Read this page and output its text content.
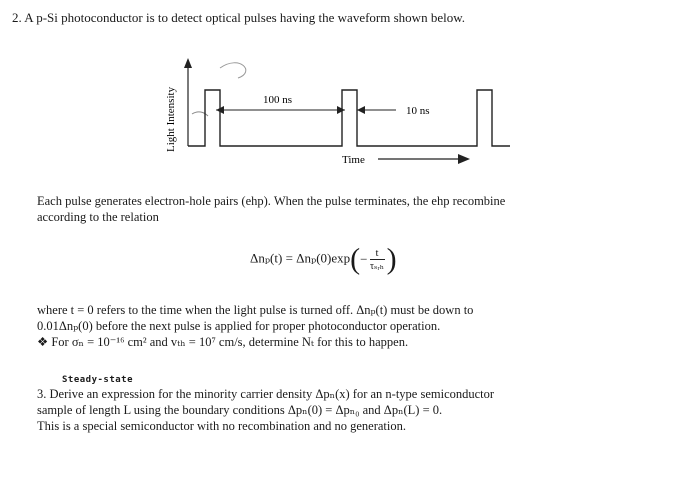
2. A p-Si photoconductor is to detect optical pulses having the waveform shown below.
Light Intensity	100 ns
10 ns
Time
Each pulse generates electron-hole pairs (ehp). When the pulse terminates, the ehp recombine
according to the relation
$\Delta n_p(t) = \Delta n_p(0)\exp(- \frac{t}{\text{τₛᵣₕ}}$ )
where t = 0 refers to the time when the light pulse is turned off. Δnₚ(t) must be down to
0.01Δnₚ(0) before the next pulse is applied for proper photoconductor operation.
❖ For σₙ = 10⁻¹⁶ cm² and vₜₕ = 10⁷ cm/s, determine Nₜ for this to happen.
Steady-state
3. Derive an expression for the minority carrier density Δpₙ(x) for an n-type semiconductor
sample of length L using the boundary conditions Δpₙ(0) = Δpₙ₀ and Δpₙ(L) = 0.
This is a special semiconductor with no recombination and no generation.
